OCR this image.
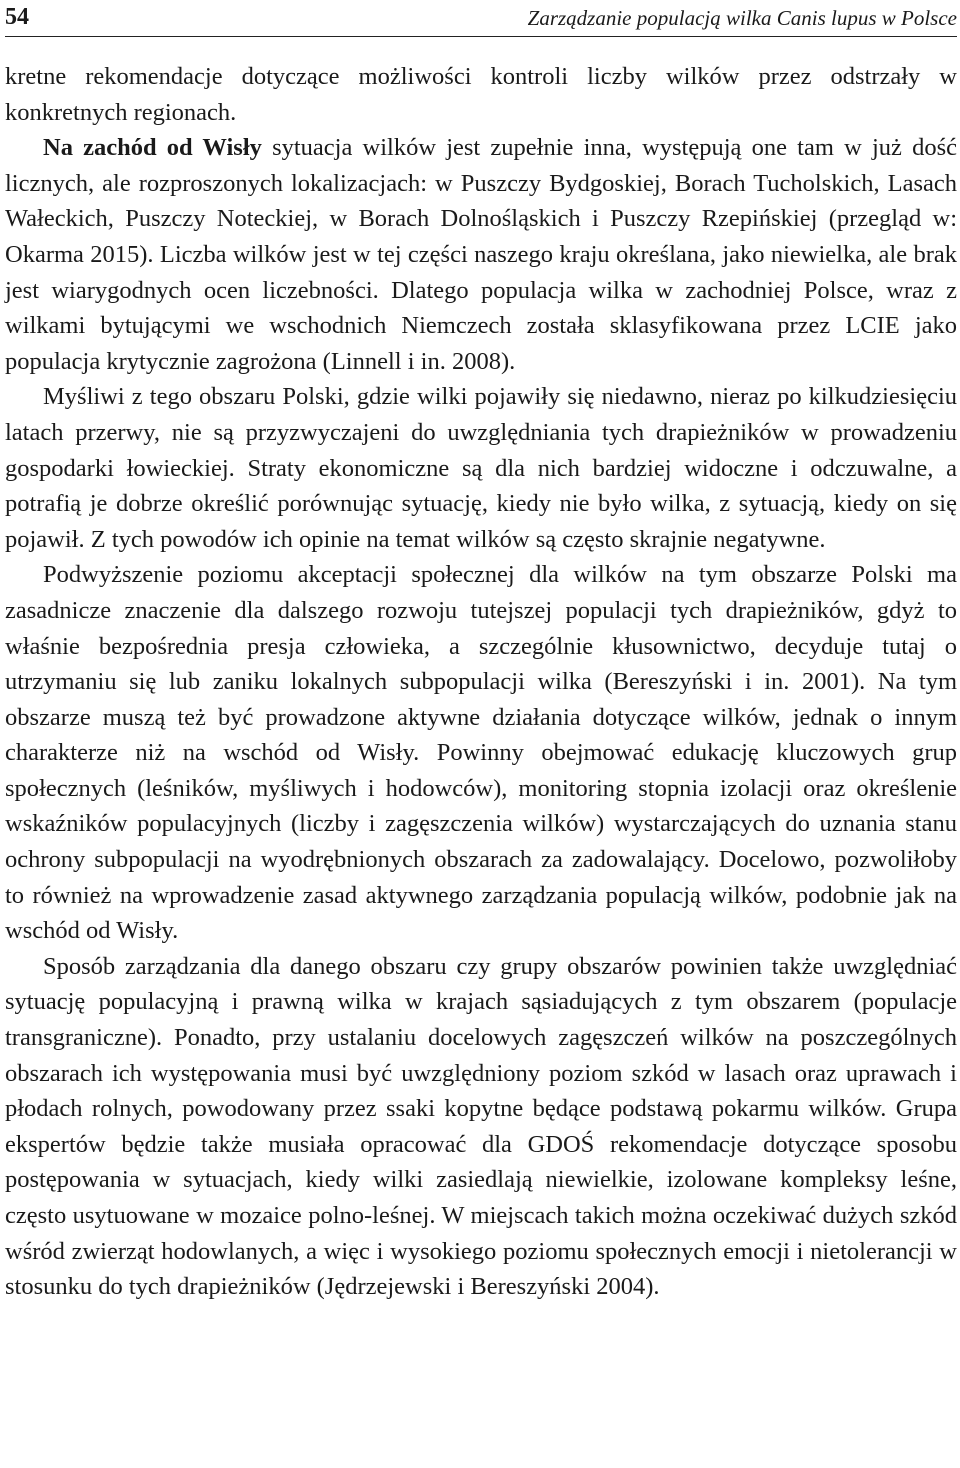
54	Zarządzanie populacją wilka Canis lupus w Polsce

kretne rekomendacje dotyczące możliwości kontroli liczby wilków przez odstrzały w konkretnych regionach.

Na zachód od Wisły sytuacja wilków jest zupełnie inna, występują one tam w już dość licznych, ale rozproszonych lokalizacjach: w Puszczy Bydgoskiej, Borach Tucholskich, Lasach Wałeckich, Puszczy Noteckiej, w Borach Dolnośląskich i Puszczy Rzepińskiej (przegląd w: Okarma 2015). Liczba wilków jest w tej części naszego kraju określana, jako niewielka, ale brak jest wiarygodnych ocen liczebności. Dlatego populacja wilka w zachodniej Polsce, wraz z wilkami bytującymi we wschodnich Niemczech została sklasyfikowana przez LCIE jako populacja krytycznie zagrożona (Linnell i in. 2008).

Myśliwi z tego obszaru Polski, gdzie wilki pojawiły się niedawno, nieraz po kilkudziesięciu latach przerwy, nie są przyzwyczajeni do uwzględniania tych drapieżników w prowadzeniu gospodarki łowieckiej. Straty ekonomiczne są dla nich bardziej widoczne i odczuwalne, a potrafią je dobrze określić porównując sytuację, kiedy nie było wilka, z sytuacją, kiedy on się pojawił. Z tych powodów ich opinie na temat wilków są często skrajnie negatywne.

Podwyższenie poziomu akceptacji społecznej dla wilków na tym obszarze Polski ma zasadnicze znaczenie dla dalszego rozwoju tutejszej populacji tych drapieżników, gdyż to właśnie bezpośrednia presja człowieka, a szczególnie kłusownictwo, decyduje tutaj o utrzymaniu się lub zaniku lokalnych subpopulacji wilka (Bereszyński i in. 2001). Na tym obszarze muszą też być prowadzone aktywne działania dotyczące wilków, jednak o innym charakterze niż na wschód od Wisły. Powinny obejmować edukację kluczowych grup społecznych (leśników, myśliwych i hodowców), monitoring stopnia izolacji oraz określenie wskaźników populacyjnych (liczby i zagęszczenia wilków) wystarczających do uznania stanu ochrony subpopulacji na wyodrębnionych obszarach za zadowalający. Docelowo, pozwoliłoby to również na wprowadzenie zasad aktywnego zarządzania populacją wilków, podobnie jak na wschód od Wisły.

Sposób zarządzania dla danego obszaru czy grupy obszarów powinien także uwzględniać sytuację populacyjną i prawną wilka w krajach sąsiadujących z tym obszarem (populacje transgraniczne). Ponadto, przy ustalaniu docelowych zagęszczeń wilków na poszczególnych obszarach ich występowania musi być uwzględniony poziom szkód w lasach oraz uprawach i płodach rolnych, powodowany przez ssaki kopytne będące podstawą pokarmu wilków. Grupa ekspertów będzie także musiała opracować dla GDOŚ rekomendacje dotyczące sposobu postępowania w sytuacjach, kiedy wilki zasiedlają niewielkie, izolowane kompleksy leśne, często usytuowane w mozaice polno-leśnej. W miejscach takich można oczekiwać dużych szkód wśród zwierząt hodowlanych, a więc i wysokiego poziomu społecznych emocji i nietolerancji w stosunku do tych drapieżników (Jędrzejewski i Bereszyński 2004).
